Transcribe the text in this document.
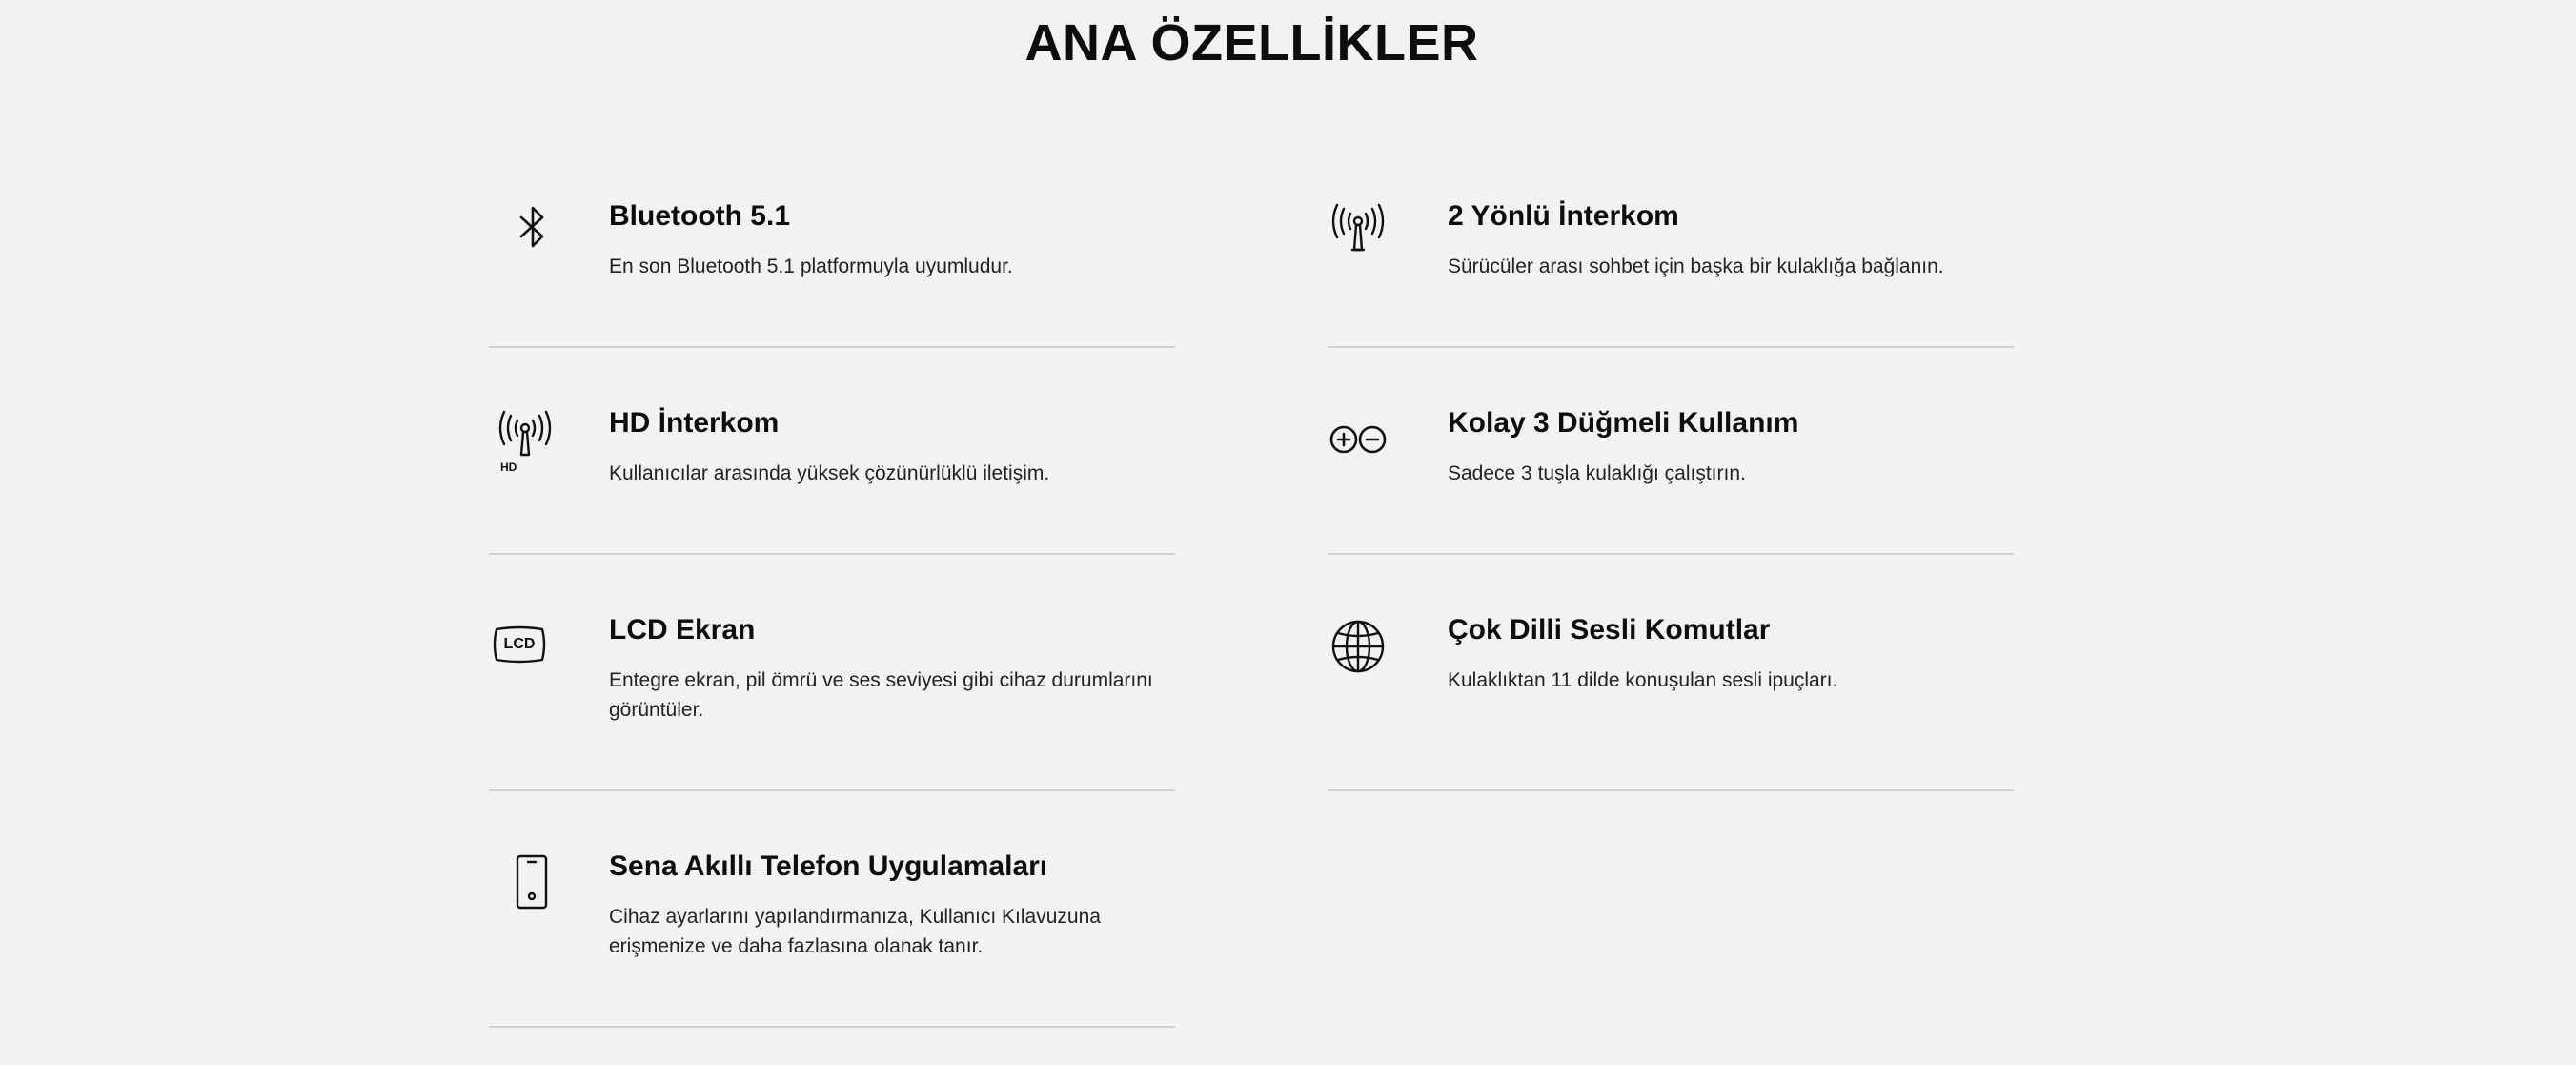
ANA ÖZELLİKLER
Bluetooth 5.1

En son Bluetooth 5.1 platformuyla uyumludur.

2 Yönlü İnterkom

Sürücüler arası sohbet için başka bir kulaklığa bağlanın.

HD
HD İnterkom

Kullanıcılar arasında yüksek çözünürlüklü iletişim.

Kolay 3 Düğmeli Kullanım

Sadece 3 tuşla kulaklığı çalıştırın.

LCD	LCD Ekran

Entegre ekran, pil ömrü ve ses seviyesi gibi cihaz durumlarını görüntüler.

Çok Dilli Sesli Komutlar

Kulaklıktan 11 dilde konuşulan sesli ipuçları.

Sena Akıllı Telefon Uygulamaları

Cihaz ayarlarını yapılandırmanıza, Kullanıcı Kılavuzuna erişmenize ve daha fazlasına olanak tanır.
